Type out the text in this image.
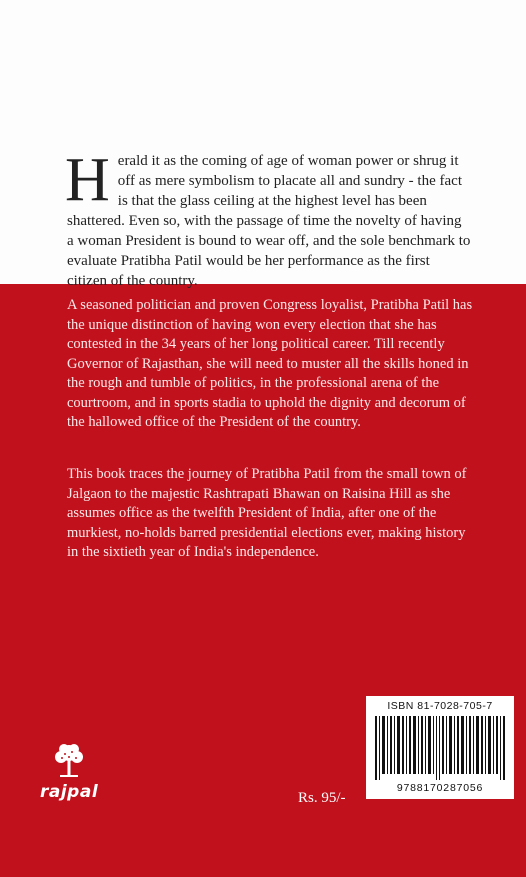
Herald it as the coming of age of woman power or shrug it off as mere symbolism to placate all and sundry - the fact is that the glass ceiling at the highest level has been shattered. Even so, with the passage of time the novelty of having a woman President is bound to wear off, and the sole benchmark to evaluate Pratibha Patil would be her performance as the first citizen of the country.
A seasoned politician and proven Congress loyalist, Pratibha Patil has the unique distinction of having won every election that she has contested in the 34 years of her long political career. Till recently Governor of Rajasthan, she will need to muster all the skills honed in the rough and tumble of politics, in the professional arena of the courtroom, and in sports stadia to uphold the dignity and decorum of the hallowed office of the President of the country.
This book traces the journey of Pratibha Patil from the small town of Jalgaon to the majestic Rashtrapati Bhawan on Raisina Hill as she assumes office as the twelfth President of India, after one of the murkiest, no-holds barred presidential elections ever, making history in the sixtieth year of India's independence.
ISBN 81-7028-705-7
9788170287056
Rs. 95/-
rajpal
